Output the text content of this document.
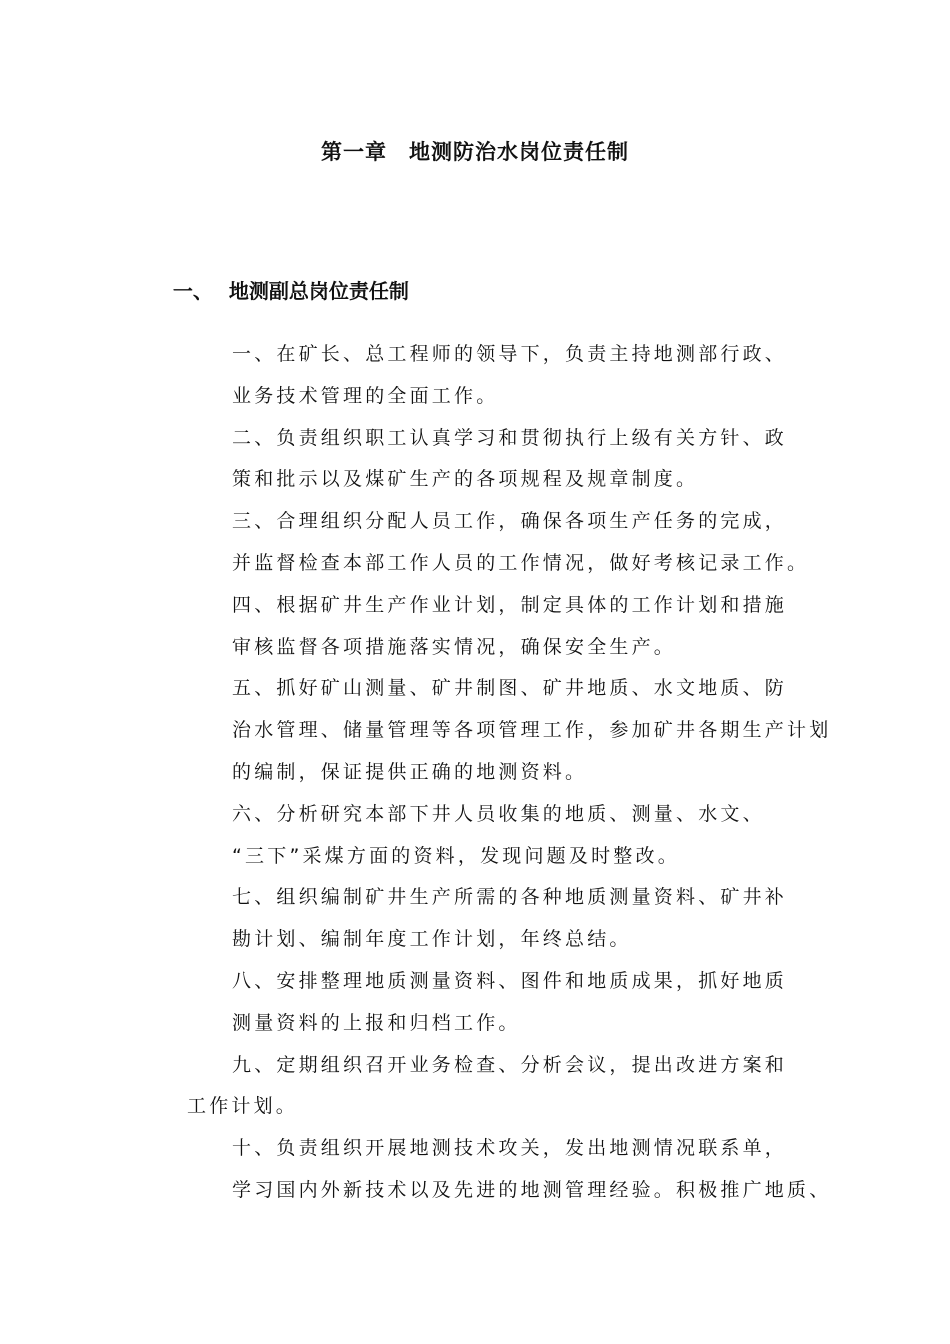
第一章　地测防治水岗位责任制

一、 地测副总岗位责任制

一、在矿长、总工程师的领导下，负责主持地测部行政、
业务技术管理的全面工作。
二、负责组织职工认真学习和贯彻执行上级有关方针、政
策和批示以及煤矿生产的各项规程及规章制度。
三、合理组织分配人员工作，确保各项生产任务的完成，
并监督检查本部工作人员的工作情况，做好考核记录工作。
四、根据矿井生产作业计划，制定具体的工作计划和措施
审核监督各项措施落实情况，确保安全生产。
五、抓好矿山测量、矿井制图、矿井地质、水文地质、防
治水管理、储量管理等各项管理工作，参加矿井各期生产计划
的编制，保证提供正确的地测资料。
六、分析研究本部下井人员收集的地质、测量、水文、
“三下”采煤方面的资料，发现问题及时整改。
七、组织编制矿井生产所需的各种地质测量资料、矿井补
勘计划、编制年度工作计划，年终总结。
八、安排整理地质测量资料、图件和地质成果，抓好地质
测量资料的上报和归档工作。
九、定期组织召开业务检查、分析会议，提出改进方案和
工作计划。
十、负责组织开展地测技术攻关，发出地测情况联系单，
学习国内外新技术以及先进的地测管理经验。积极推广地质、
